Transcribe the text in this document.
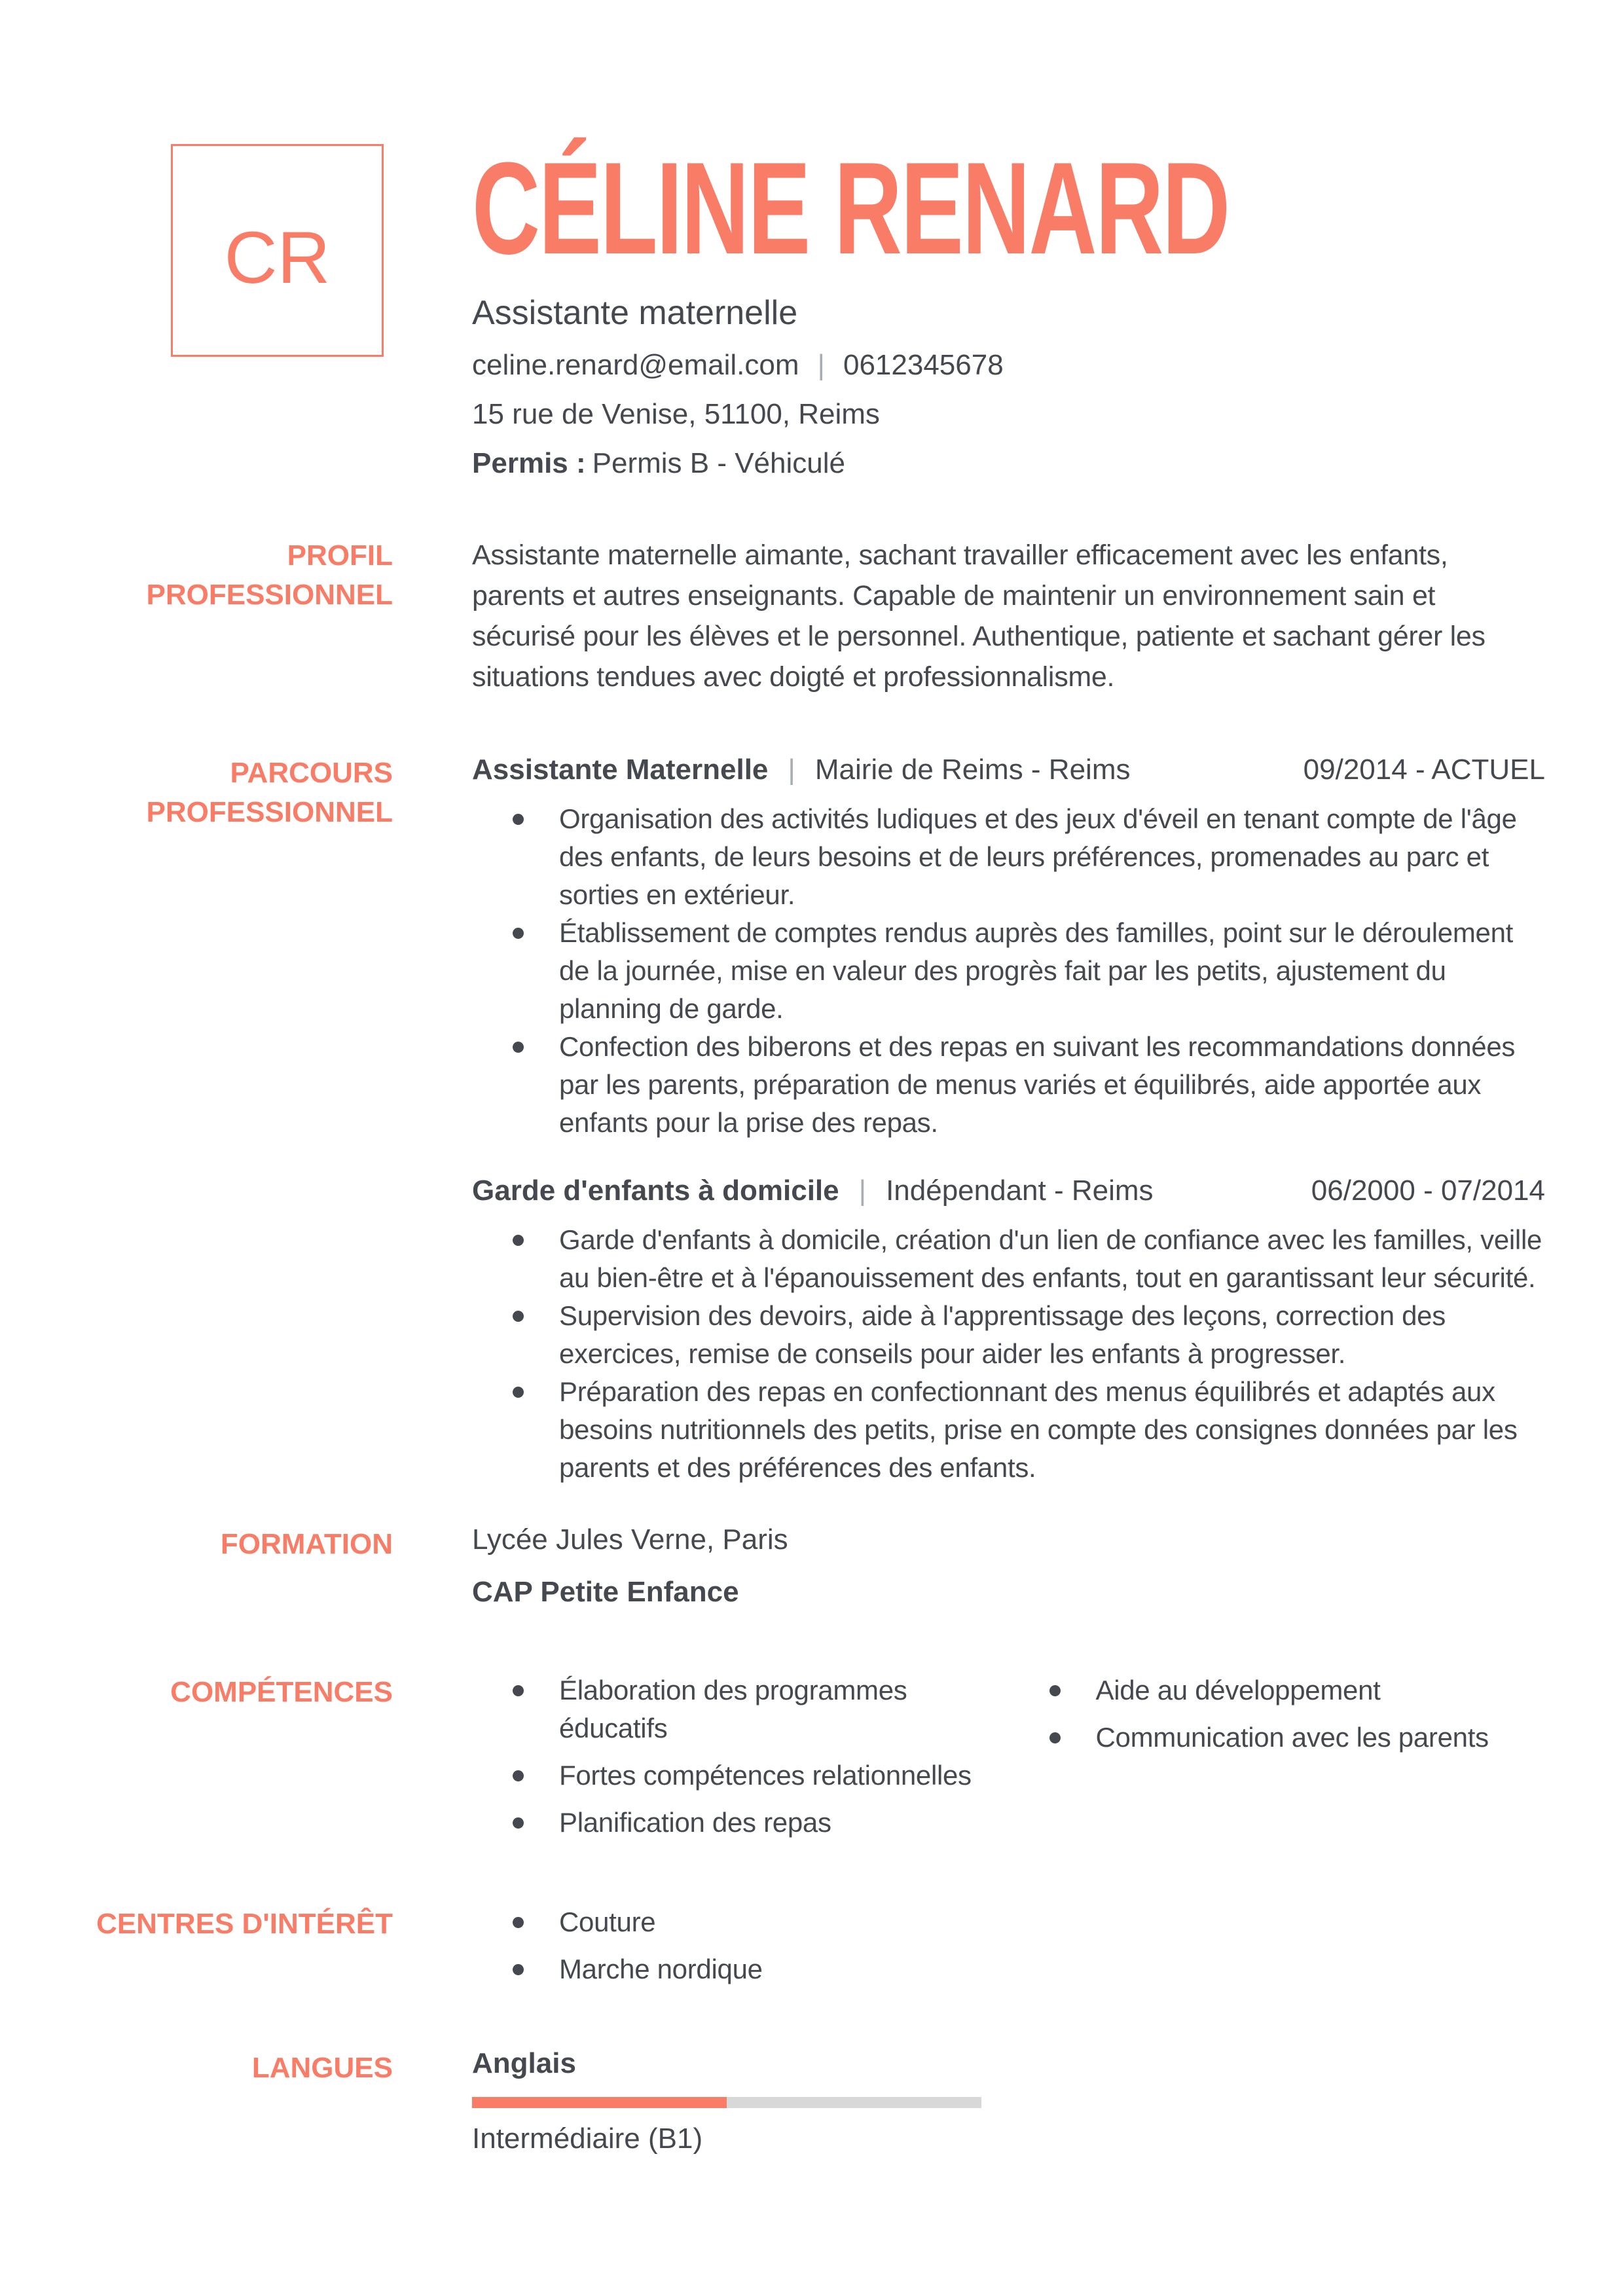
CR CÉLINE RENARD
Assistante maternelle
celine.renard@email.com | 0612345678
15 rue de Venise, 51100, Reims
Permis : Permis B - Véhiculé
PROFIL PROFESSIONNEL

Assistante maternelle aimante, sachant travailler efficacement avec les enfants, parents et autres enseignants. Capable de maintenir un environnement sain et sécurisé pour les élèves et le personnel. Authentique, patiente et sachant gérer les situations tendues avec doigté et professionnalisme.

PARCOURS PROFESSIONNEL
Assistante Maternelle | Mairie de Reims - Reims	09/2014 - ACTUEL
Organisation des activités ludiques et des jeux d'éveil en tenant compte de l'âge des enfants, de leurs besoins et de leurs préférences, promenades au parc et sorties en extérieur.
Établissement de comptes rendus auprès des familles, point sur le déroulement de la journée, mise en valeur des progrès fait par les petits, ajustement du planning de garde.
Confection des biberons et des repas en suivant les recommandations données par les parents, préparation de menus variés et équilibrés, aide apportée aux enfants pour la prise des repas.
Garde d'enfants à domicile | Indépendant - Reims	06/2000 - 07/2014
Garde d'enfants à domicile, création d'un lien de confiance avec les familles, veille au bien-être et à l'épanouissement des enfants, tout en garantissant leur sécurité.
Supervision des devoirs, aide à l'apprentissage des leçons, correction des exercices, remise de conseils pour aider les enfants à progresser.
Préparation des repas en confectionnant des menus équilibrés et adaptés aux besoins nutritionnels des petits, prise en compte des consignes données par les parents et des préférences des enfants.
FORMATION	Lycée Jules Verne, Paris
CAP Petite Enfance
COMPÉTENCES	Élaboration des programmes éducatifs
Fortes compétences relationnelles
Planification des repas
Aide au développement
Communication avec les parents
CENTRES D'INTÉRÊT	Couture
Marche nordique
LANGUES	Anglais
Intermédiaire (B1)
